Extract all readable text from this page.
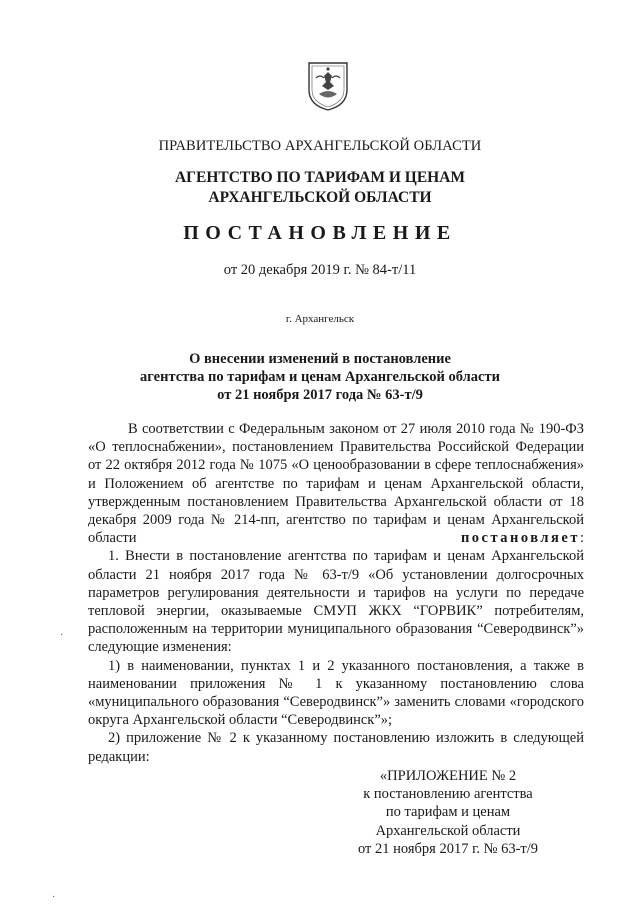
ПРАВИТЕЛЬСТВО АРХАНГЕЛЬСКОЙ ОБЛАСТИ
АГЕНТСТВО ПО ТАРИФАМ И ЦЕНАМ
АРХАНГЕЛЬСКОЙ ОБЛАСТИ
ПОСТАНОВЛЕНИЕ
от 20 декабря 2019 г. № 84-т/11
г. Архангельск
О внесении изменений в постановление
агентства по тарифам и ценам Архангельской области
от 21 ноября 2017 года № 63-т/9

В соответствии с Федеральным законом от 27 июля 2010 года № 190-ФЗ «О теплоснабжении», постановлением Правительства Российской Федерации от 22 октября 2012 года № 1075 «О ценообразовании в сфере теплоснабжения» и Положением об агентстве по тарифам и ценам Архангельской области, утвержденным постановлением Правительства Архангельской области от 18 декабря 2009 года № 214-пп, агентство по тарифам и ценам Архангельской области	постановляет:

1. Внести в постановление агентства по тарифам и ценам Архангельской области 21 ноября 2017 года № 63-т/9 «Об установлении долгосрочных параметров регулирования деятельности и тарифов на услуги по передаче тепловой энергии, оказываемые СМУП ЖКХ “ГОРВИК” потребителям, расположенным на территории муниципального образования “Северодвинск”» следующие изменения:

1) в наименовании, пунктах 1 и 2 указанного постановления, а также в наименовании приложения № 1 к указанному постановлению слова «муниципального образования “Северодвинск”» заменить словами «городского округа Архангельской области “Северодвинск”»;

2) приложение № 2 к указанному постановлению изложить в следующей редакции:

«ПРИЛОЖЕНИЕ № 2
к постановлению агентства
по тарифам и ценам
Архангельской области
от 21 ноября 2017 г. № 63-т/9
·
·
